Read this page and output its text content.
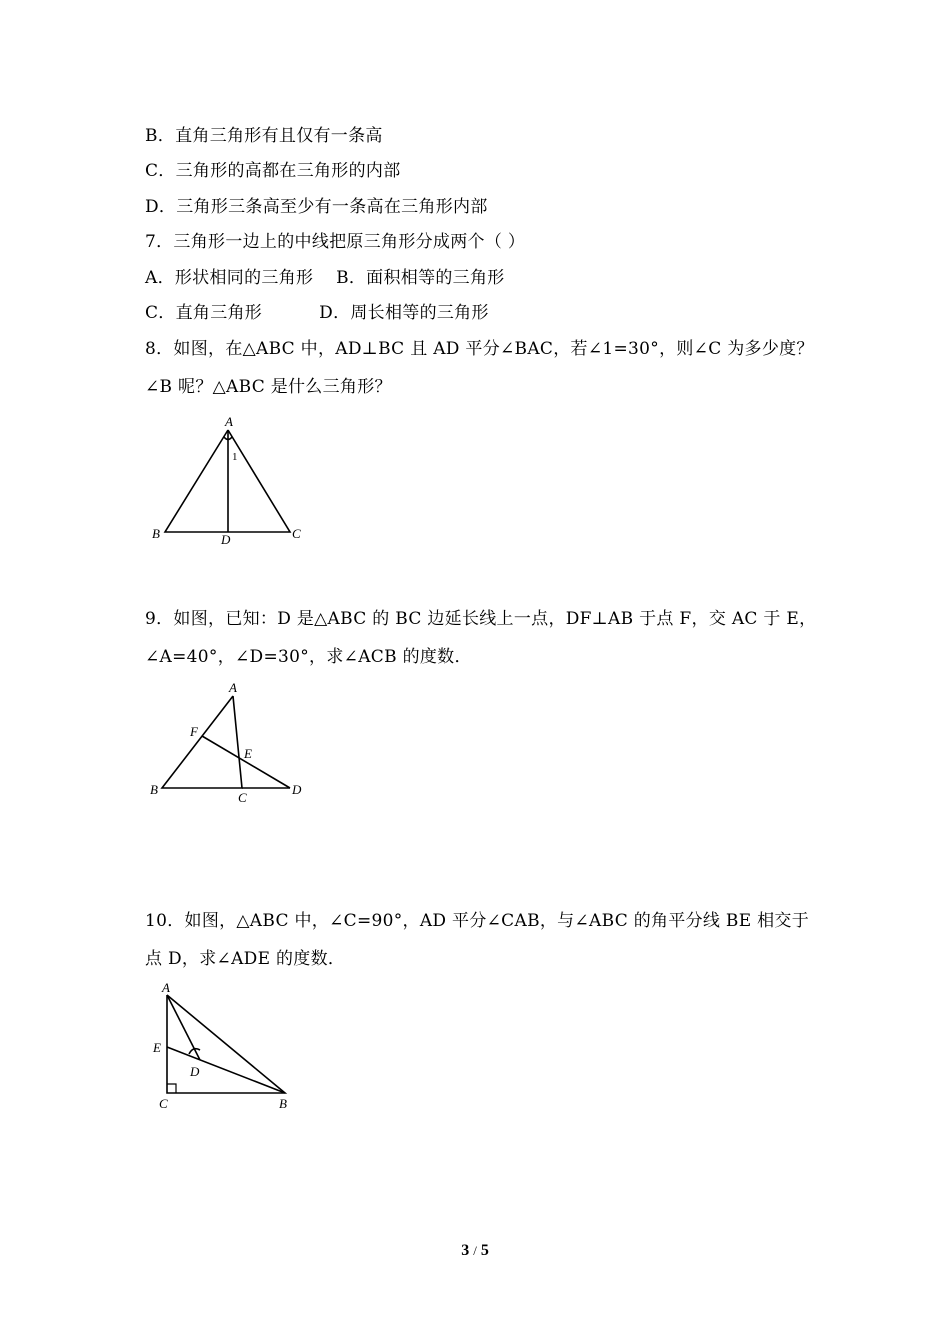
B．直角三角形有且仅有一条高
C．三角形的高都在三角形的内部
D．三角形三条高至少有一条高在三角形内部
7．三角形一边上的中线把原三角形分成两个（ ）
A．形状相同的三角形    B．面积相等的三角形
C．直角三角形          D．周长相等的三角形
8．如图，在△ABC 中，AD⊥BC 且 AD 平分∠BAC，若∠1=30°，则∠C 为多少度？
∠B 呢？△ABC 是什么三角形？
A
B	C
D
1
9．如图，已知：D 是△ABC 的 BC 边延长线上一点，DF⊥AB 于点 F，交 AC 于 E，
∠A=40°，∠D=30°，求∠ACB 的度数．
A
B
C
D
E
F
10．如图，△ABC 中，∠C=90°，AD 平分∠CAB，与∠ABC 的角平分线 BE 相交于
点 D，求∠ADE 的度数．
A
B
C
D
E
3 / 5
